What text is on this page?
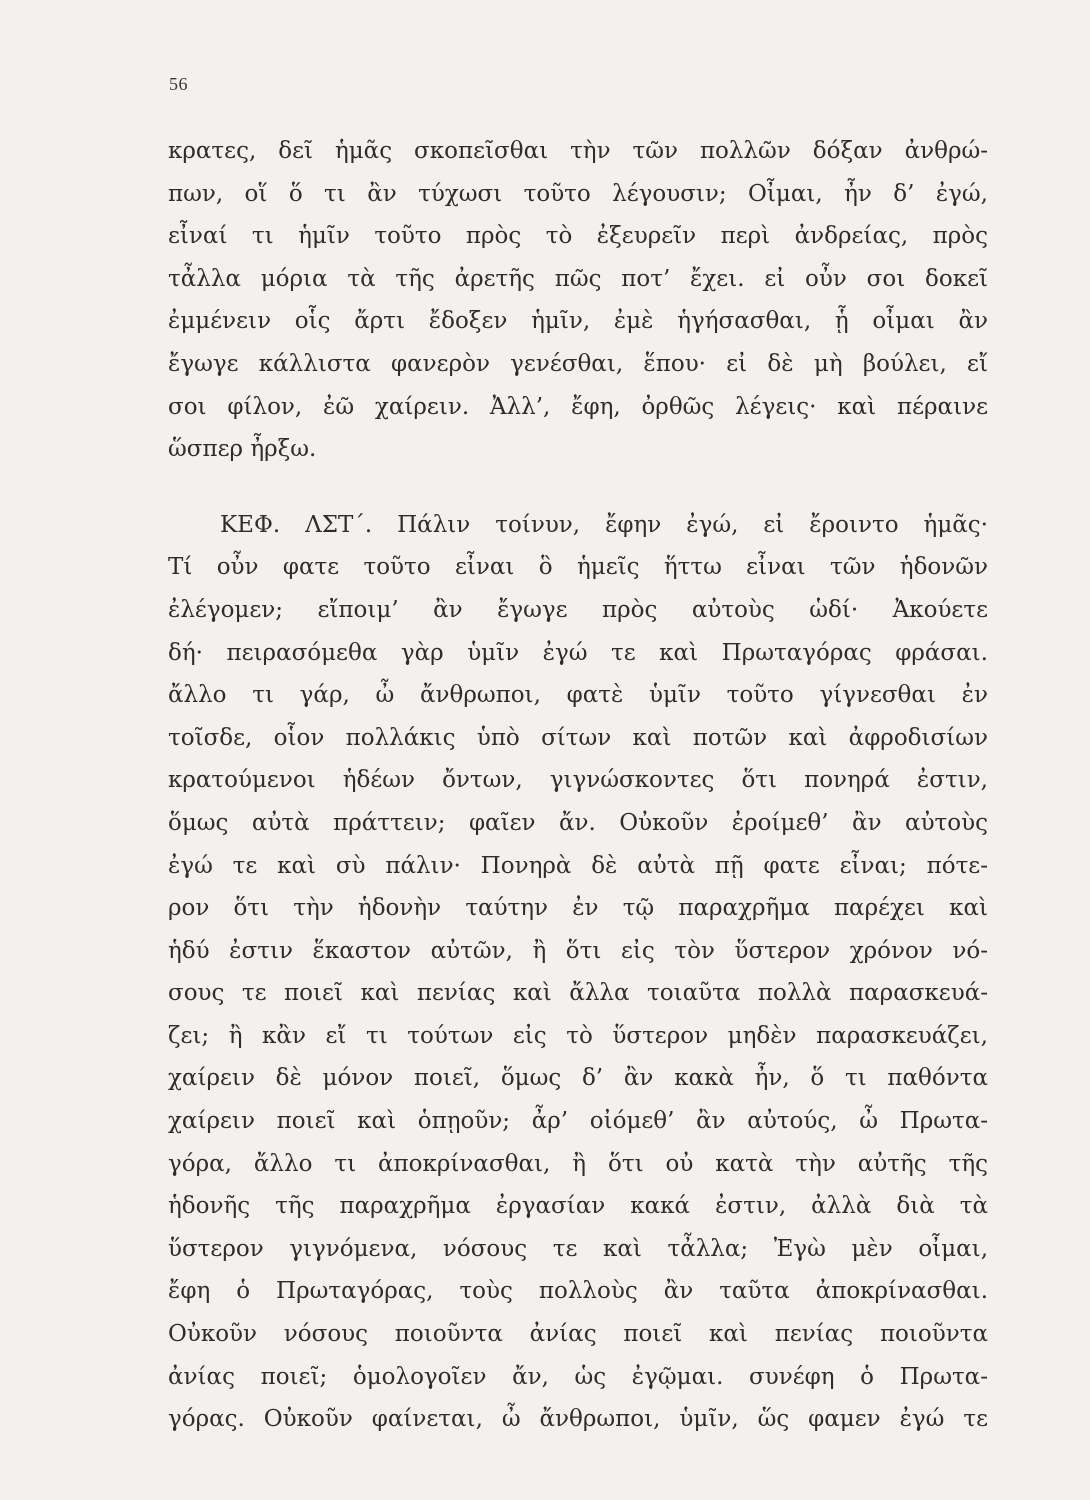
56
κρατες, δεῖ ἡμᾶς σκοπεῖσθαι τὴν τῶν πολλῶν δόξαν ἀνθρώ-
πων, οἵ ὅ τι ἂν τύχωσι τοῦτο λέγουσιν; Οἶμαι, ἦν δ’ ἐγώ,
εἶναί τι ἡμῖν τοῦτο πρὸς τὸ ἐξευρεῖν περὶ ἀνδρείας, πρὸς
τἆλλα μόρια τὰ τῆς ἀρετῆς πῶς ποτ’ ἔχει. εἰ οὖν σοι δοκεῖ
ἐμμένειν οἷς ἄρτι ἔδοξεν ἡμῖν, ἐμὲ ἡγήσασθαι, ᾗ οἶμαι ἂν
ἔγωγε κάλλιστα φανερὸν γενέσθαι, ἕπου· εἰ δὲ μὴ βούλει, εἴ
σοι φίλον, ἐῶ χαίρειν. Ἀλλ’, ἔφη, ὀρθῶς λέγεις· καὶ πέραινε
ὥσπερ ἦρξω.
ΚΕΦ. ΛΣΤ΄. Πάλιν τοίνυν, ἔφην ἐγώ, εἰ ἔροιντο ἡμᾶς·
Τί οὖν φατε τοῦτο εἶναι ὃ ἡμεῖς ἥττω εἶναι τῶν ἡδονῶν
ἐλέγομεν; εἴποιμ’ ἂν ἔγωγε πρὸς αὐτοὺς ὡδί· Ἀκούετε
δή· πειρασόμεθα γὰρ ὑμῖν ἐγώ τε καὶ Πρωταγόρας φράσαι.
ἄλλο τι γάρ, ὦ ἄνθρωποι, φατὲ ὑμῖν τοῦτο γίγνεσθαι ἐν
τοῖσδε, οἷον πολλάκις ὑπὸ σίτων καὶ ποτῶν καὶ ἀφροδισίων
κρατούμενοι ἡδέων ὄντων, γιγνώσκοντες ὅτι πονηρά ἐστιν,
ὅμως αὐτὰ πράττειν; φαῖεν ἄν. Οὐκοῦν ἐροίμεθ’ ἂν αὐτοὺς
ἐγώ τε καὶ σὺ πάλιν· Πονηρὰ δὲ αὐτὰ πῇ φατε εἶναι; πότε-
ρον ὅτι τὴν ἡδονὴν ταύτην ἐν τῷ παραχρῆμα παρέχει καὶ
ἡδύ ἐστιν ἕκαστον αὐτῶν, ἢ ὅτι εἰς τὸν ὕστερον χρόνον νό-
σους τε ποιεῖ καὶ πενίας καὶ ἄλλα τοιαῦτα πολλὰ παρασκευά-
ζει; ἢ κἂν εἴ τι τούτων εἰς τὸ ὕστερον μηδὲν παρασκευάζει,
χαίρειν δὲ μόνον ποιεῖ, ὅμως δ’ ἂν κακὰ ἦν, ὅ τι παθόντα
χαίρειν ποιεῖ καὶ ὁπῃοῦν; ἆρ’ οἰόμεθ’ ἂν αὐτούς, ὦ Πρωτα-
γόρα, ἄλλο τι ἀποκρίνασθαι, ἢ ὅτι οὐ κατὰ τὴν αὐτῆς τῆς
ἡδονῆς τῆς παραχρῆμα ἐργασίαν κακά ἐστιν, ἀλλὰ διὰ τὰ
ὕστερον γιγνόμενα, νόσους τε καὶ τἆλλα; Ἐγὼ μὲν οἶμαι,
ἔφη ὁ Πρωταγόρας, τοὺς πολλοὺς ἂν ταῦτα ἀποκρίνασθαι.
Οὐκοῦν νόσους ποιοῦντα ἀνίας ποιεῖ καὶ πενίας ποιοῦντα
ἀνίας ποιεῖ; ὁμολογοῖεν ἄν, ὡς ἐγῷμαι. συνέφη ὁ Πρωτα-
γόρας. Οὐκοῦν φαίνεται, ὦ ἄνθρωποι, ὑμῖν, ὥς φαμεν ἐγώ τε
